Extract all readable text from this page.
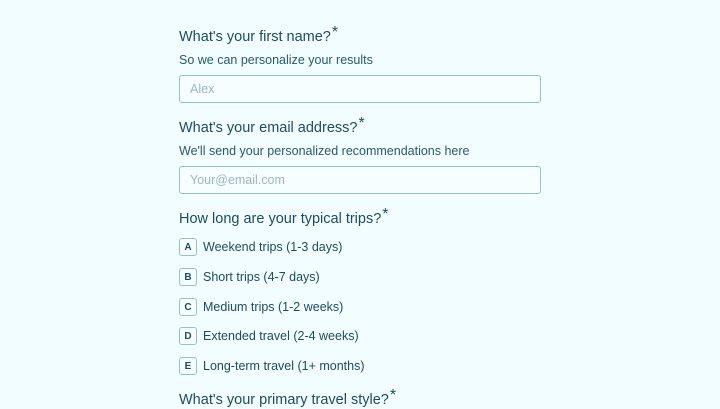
What's your first name?*
So we can personalize your results
Alex
What's your email address?*
We'll send your personalized recommendations here
Your@email.com
How long are your typical trips?*
A Weekend trips (1-3 days)
B Short trips (4-7 days)
C Medium trips (1-2 weeks)
D Extended travel (2-4 weeks)
E Long-term travel (1+ months)
What's your primary travel style?*
